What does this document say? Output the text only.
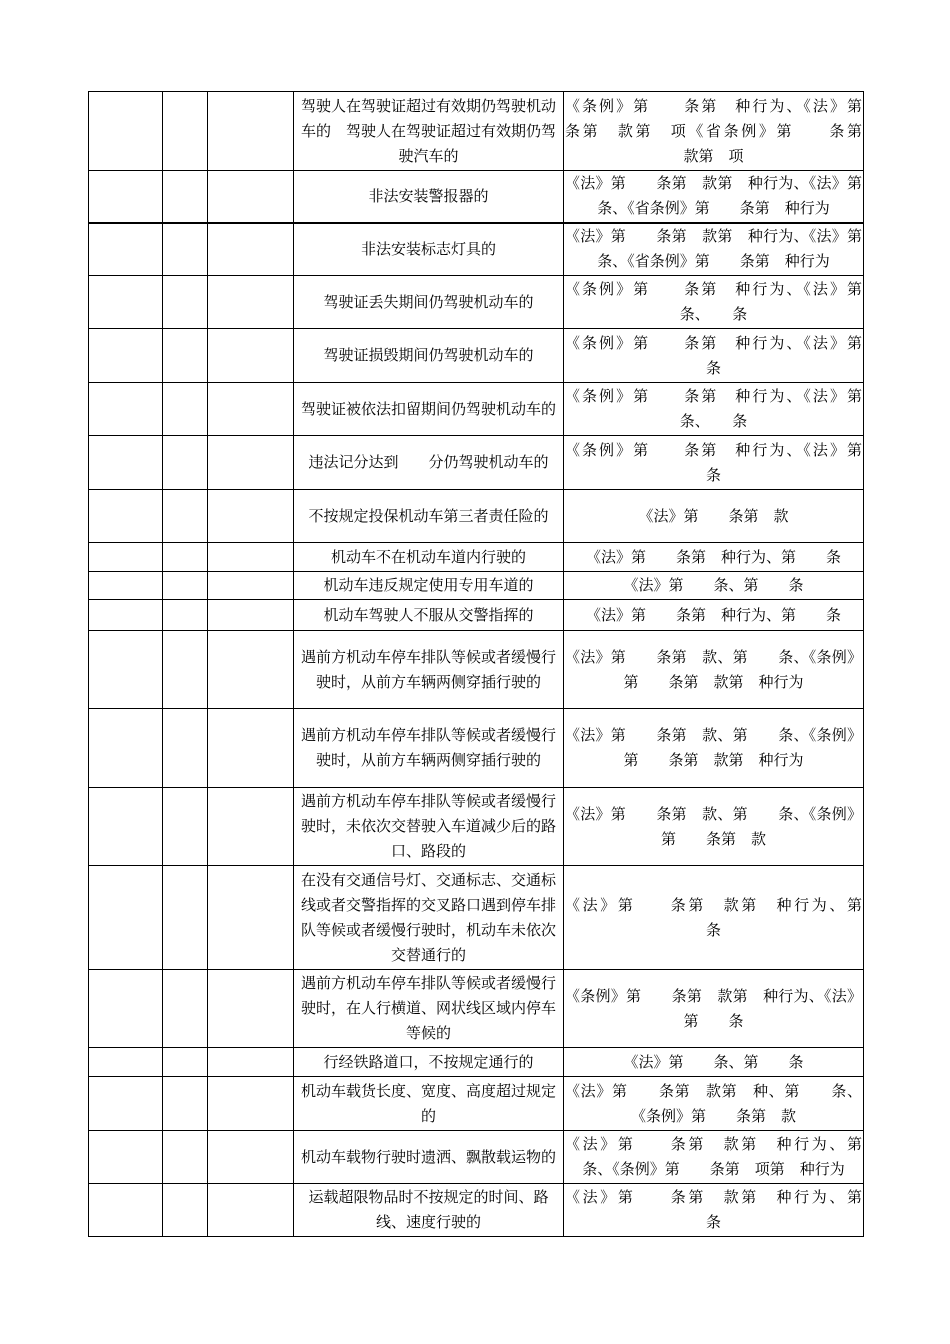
			驾驶人在驾驶证超过有效期仍驾驶机动车的　驾驶人在驾驶证超过有效期仍驾驶汽车的	《条例》第　　条第　种行为、《法》第　　条第　款第　项《省条例》第　　条第　　款第　项
			非法安装警报器的	《法》第　　条第　款第　种行为、《法》第　　条、《省条例》第　　条第　种行为
			非法安装标志灯具的	《法》第　　条第　款第　种行为、《法》第　　条、《省条例》第　　条第　种行为
			驾驶证丢失期间仍驾驶机动车的	《条例》第　　条第　种行为、《法》第　　条、　　条
			驾驶证损毁期间仍驾驶机动车的	《条例》第　　条第　种行为、《法》第　　条
			驾驶证被依法扣留期间仍驾驶机动车的	《条例》第　　条第　种行为、《法》第　　条、　　条
			违法记分达到　　分仍驾驶机动车的	《条例》第　　条第　种行为、《法》第　　条
			不按规定投保机动车第三者责任险的	《法》第　　条第　款
			机动车不在机动车道内行驶的	《法》第　　条第　种行为、第　　条
			机动车违反规定使用专用车道的	《法》第　　条、第　　条
			机动车驾驶人不服从交警指挥的	《法》第　　条第　种行为、第　　条
			遇前方机动车停车排队等候或者缓慢行驶时，从前方车辆两侧穿插行驶的	《法》第　　条第　款、第　　条、《条例》第　　条第　款第　种行为
			遇前方机动车停车排队等候或者缓慢行驶时，从前方车辆两侧穿插行驶的	《法》第　　条第　款、第　　条、《条例》第　　条第　款第　种行为
			遇前方机动车停车排队等候或者缓慢行驶时，未依次交替驶入车道减少后的路口、路段的	《法》第　　条第　款、第　　条、《条例》第　　条第　款
			在没有交通信号灯、交通标志、交通标线或者交警指挥的交叉路口遇到停车排队等候或者缓慢行驶时，机动车未依次交替通行的	《法》第　　条第　款第　种行为、第　　条
			遇前方机动车停车排队等候或者缓慢行驶时，在人行横道、网状线区域内停车等候的	《条例》第　　条第　款第　种行为、《法》第　　条
			行经铁路道口，不按规定通行的	《法》第　　条、第　　条
			机动车载货长度、宽度、高度超过规定的	《法》第　　条第　款第　种、第　　条、《条例》第　　条第　款
			机动车载物行驶时遗洒、飘散载运物的	《法》第　　条第　款第　种行为、第　　条、《条例》第　　条第　项第　种行为
			运载超限物品时不按规定的时间、路线、速度行驶的	《法》第　　条第　款第　种行为、第　　条
